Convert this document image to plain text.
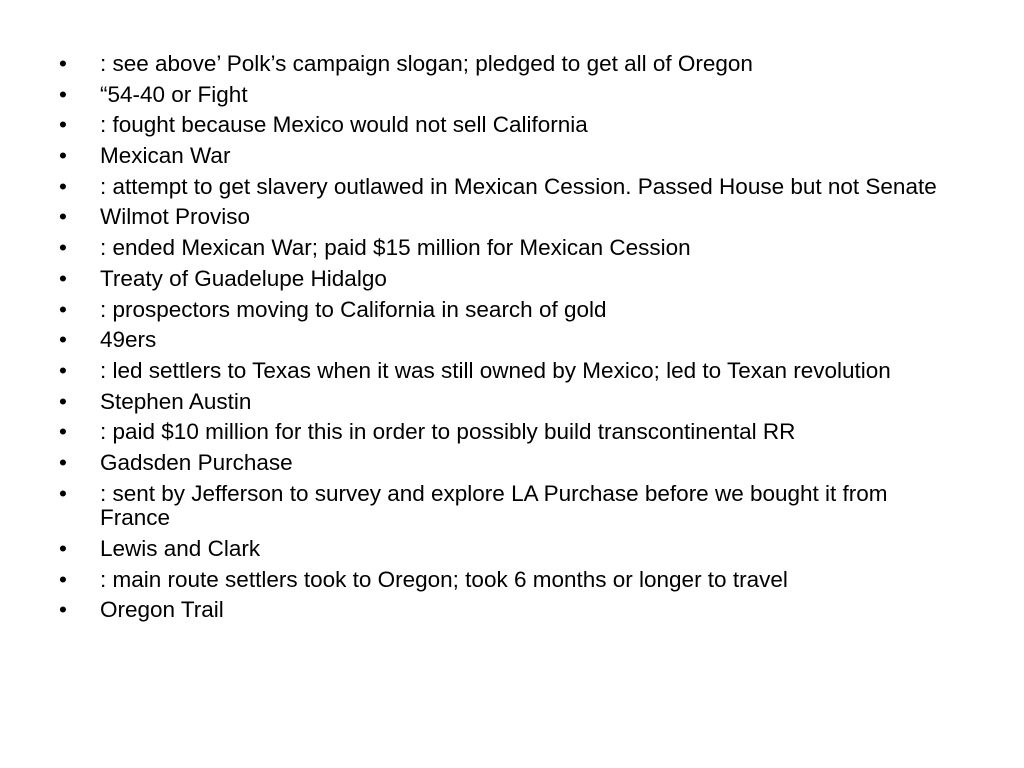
•	: see above’ Polk’s campaign slogan; pledged to get all of Oregon
•	“54-40 or Fight
•	: fought because Mexico would not sell California
•	Mexican War
•	: attempt to get slavery outlawed in Mexican Cession. Passed House but not Senate
•	Wilmot Proviso
•	: ended Mexican War; paid $15 million for Mexican Cession
•	Treaty of Guadelupe Hidalgo
•	: prospectors moving to California in search of gold
•	49ers
•	: led settlers to Texas when it was still owned by Mexico; led to Texan revolution
•	Stephen Austin
•	: paid $10 million for this in order to possibly build transcontinental RR
•	Gadsden Purchase
•	: sent by Jefferson to survey and explore LA Purchase before we bought it from France
•	Lewis and Clark
•	: main route settlers took to Oregon; took 6 months or longer to travel
•	Oregon Trail
